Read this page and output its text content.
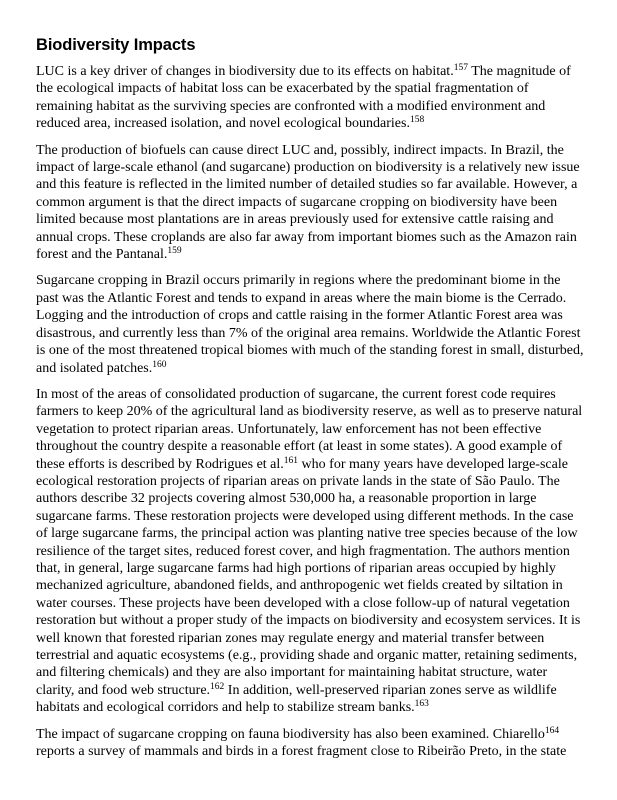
Biodiversity Impacts

LUC is a key driver of changes in biodiversity due to its effects on habitat.$^{157}$ The magnitude of the ecological impacts of habitat loss can be exacerbated by the spatial fragmentation of remaining habitat as the surviving species are confronted with a modified environment and reduced area, increased isolation, and novel ecological boundaries.$^{158}$

The production of biofuels can cause direct LUC and, possibly, indirect impacts. In Brazil, the impact of large-scale ethanol (and sugarcane) production on biodiversity is a relatively new issue and this feature is reflected in the limited number of detailed studies so far available. However, a common argument is that the direct impacts of sugarcane cropping on biodiversity have been limited because most plantations are in areas previously used for extensive cattle raising and annual crops. These croplands are also far away from important biomes such as the Amazon rain forest and the Pantanal.$^{159}$

Sugarcane cropping in Brazil occurs primarily in regions where the predominant biome in the past was the Atlantic Forest and tends to expand in areas where the main biome is the Cerrado. Logging and the introduction of crops and cattle raising in the former Atlantic Forest area was disastrous, and currently less than 7% of the original area remains. Worldwide the Atlantic Forest is one of the most threatened tropical biomes with much of the standing forest in small, disturbed, and isolated patches.$^{160}$

In most of the areas of consolidated production of sugarcane, the current forest code requires farmers to keep 20% of the agricultural land as biodiversity reserve, as well as to preserve natural vegetation to protect riparian areas. Unfortunately, law enforcement has not been effective throughout the country despite a reasonable effort (at least in some states). A good example of these efforts is described by Rodrigues et al.$^{161}$ who for many years have developed large-scale ecological restoration projects of riparian areas on private lands in the state of São Paulo. The authors describe 32 projects covering almost 530,000 ha, a reasonable proportion in large sugarcane farms. These restoration projects were developed using different methods. In the case of large sugarcane farms, the principal action was planting native tree species because of the low resilience of the target sites, reduced forest cover, and high fragmentation. The authors mention that, in general, large sugarcane farms had high portions of riparian areas occupied by highly mechanized agriculture, abandoned fields, and anthropogenic wet fields created by siltation in water courses. These projects have been developed with a close follow-up of natural vegetation restoration but without a proper study of the impacts on biodiversity and ecosystem services. It is well known that forested riparian zones may regulate energy and material transfer between terrestrial and aquatic ecosystems (e.g., providing shade and organic matter, retaining sediments, and filtering chemicals) and they are also important for maintaining habitat structure, water clarity, and food web structure.$^{162}$ In addition, well-preserved riparian zones serve as wildlife habitats and ecological corridors and help to stabilize stream banks.$^{163}$

The impact of sugarcane cropping on fauna biodiversity has also been examined. Chiarello$^{164}$ reports a survey of mammals and birds in a forest fragment close to Ribeirão Preto, in the state
